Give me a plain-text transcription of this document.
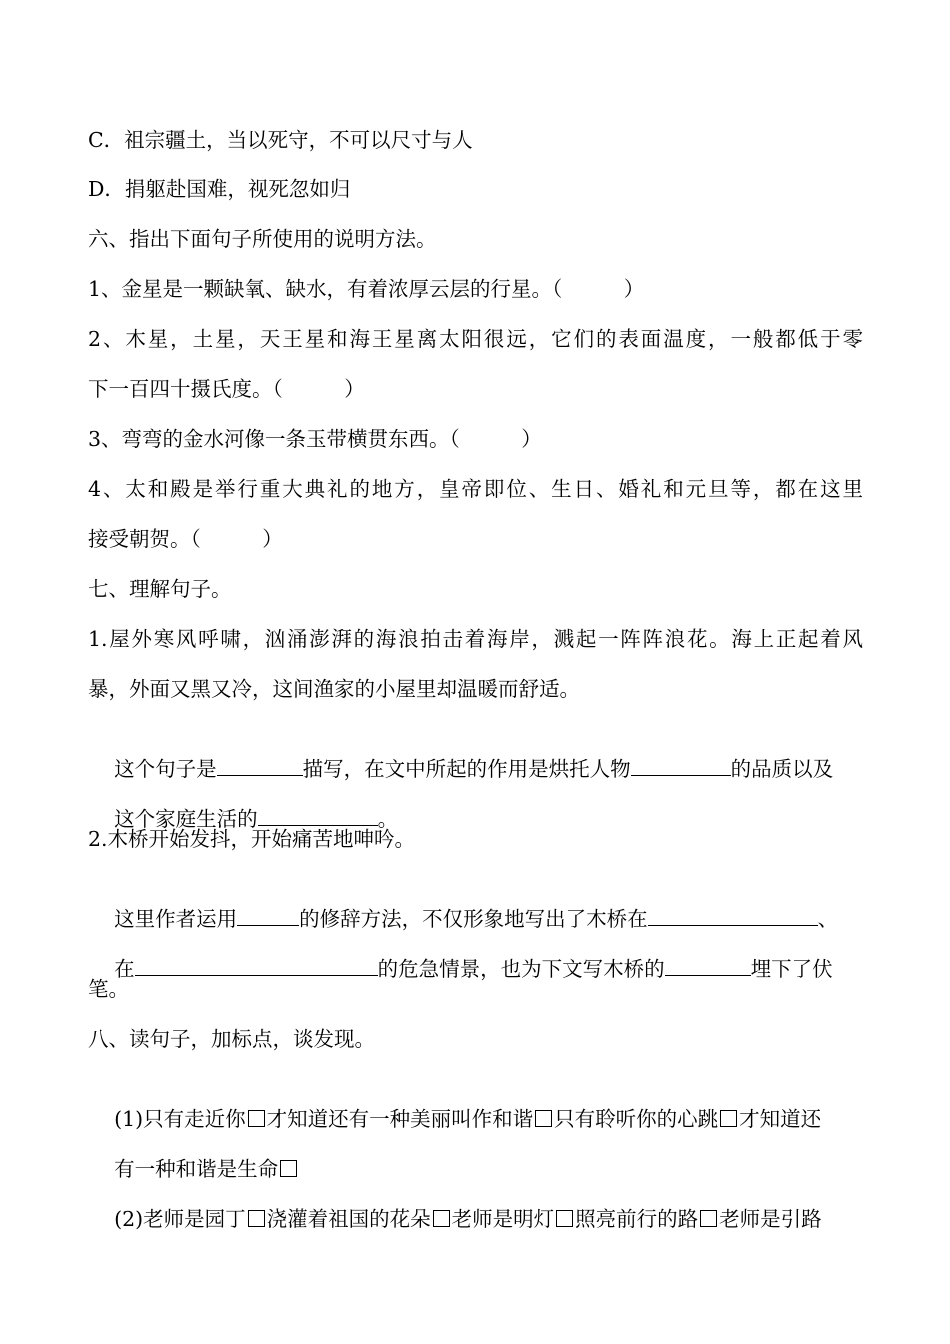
C．祖宗疆土，当以死守，不可以尺寸与人
D．捐躯赴国难，视死忽如归
六、指出下面句子所使用的说明方法。
1、金星是一颗缺氧、缺水，有着浓厚云层的行星。（　　　）
2、木星，土星，天王星和海王星离太阳很远，它们的表面温度，一般都低于零
下一百四十摄氏度。（　　　）
3、弯弯的金水河像一条玉带横贯东西。（　　　）
4、太和殿是举行重大典礼的地方，皇帝即位、生日、婚礼和元旦等，都在这里
接受朝贺。（　　　）
七、理解句子。
1.屋外寒风呼啸，汹涌澎湃的海浪拍击着海岸，溅起一阵阵浪花。海上正起着风
暴，外面又黑又冷，这间渔家的小屋里却温暖而舒适。

这个句子是	描写，在文中所起的作用是烘托人物	的品质以及

这个家庭生活的	。

2.木桥开始发抖，开始痛苦地呻吟。

这里作者运用	的修辞方法，不仅形象地写出了木桥在	、

在	的危急情景，也为下文写木桥的	埋下了伏

笔。
八、读句子，加标点，谈发现。

(1)只有走近你 才知道还有一种美丽叫作和谐 只有聆听你的心跳 才知道还

有一种和谐是生命

(2)老师是园丁 浇灌着祖国的花朵 老师是明灯 照亮前行的路 老师是引路
